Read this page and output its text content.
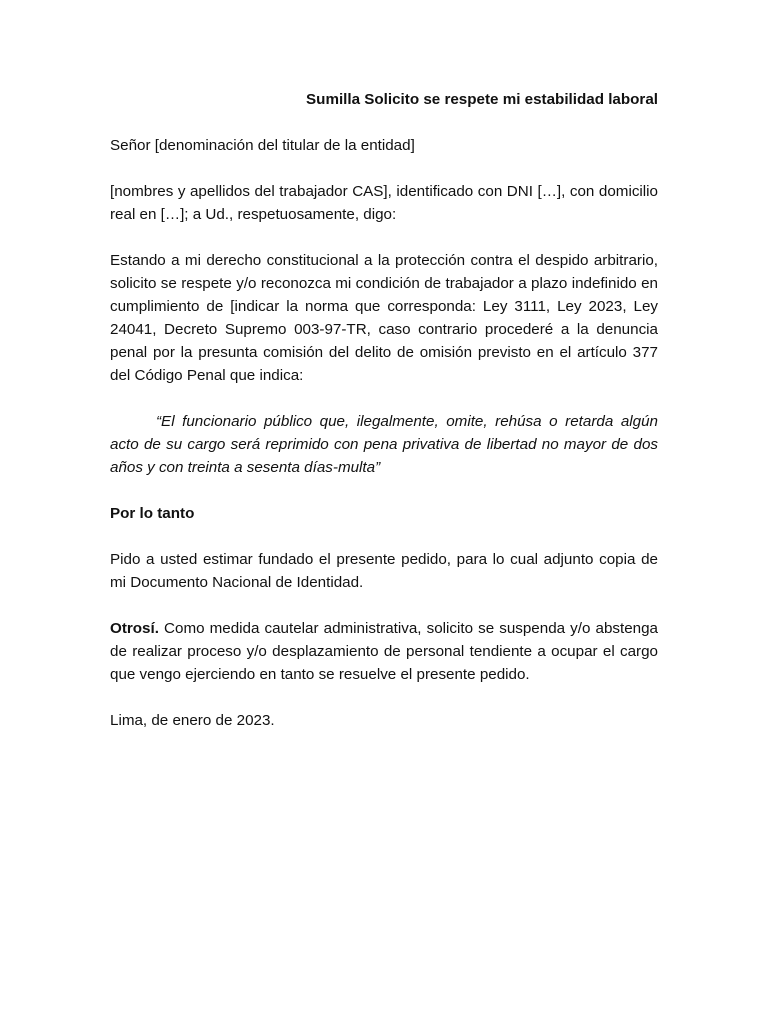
Sumilla Solicito se respete mi estabilidad laboral

Señor [denominación del titular de la entidad]

[nombres y apellidos del trabajador CAS], identificado con DNI […], con domicilio real en […]; a Ud., respetuosamente, digo:

Estando a mi derecho constitucional a la protección contra el despido arbitrario, solicito se respete y/o reconozca mi condición de trabajador a plazo indefinido en cumplimiento de [indicar la norma que corresponda: Ley 3111, Ley 2023, Ley 24041, Decreto Supremo 003-97-TR, caso contrario procederé a la denuncia penal por la presunta comisión del delito de omisión previsto en el artículo 377 del Código Penal que indica:

“El funcionario público que, ilegalmente, omite, rehúsa o retarda algún acto de su cargo será reprimido con pena privativa de libertad no mayor de dos años y con treinta a sesenta días-multa”

Por lo tanto

Pido a usted estimar fundado el presente pedido, para lo cual adjunto copia de mi Documento Nacional de Identidad.

Otrosí. Como medida cautelar administrativa, solicito se suspenda y/o abstenga de realizar proceso y/o desplazamiento de personal tendiente a ocupar el cargo que vengo ejerciendo en tanto se resuelve el presente pedido.

Lima, de enero de 2023.
